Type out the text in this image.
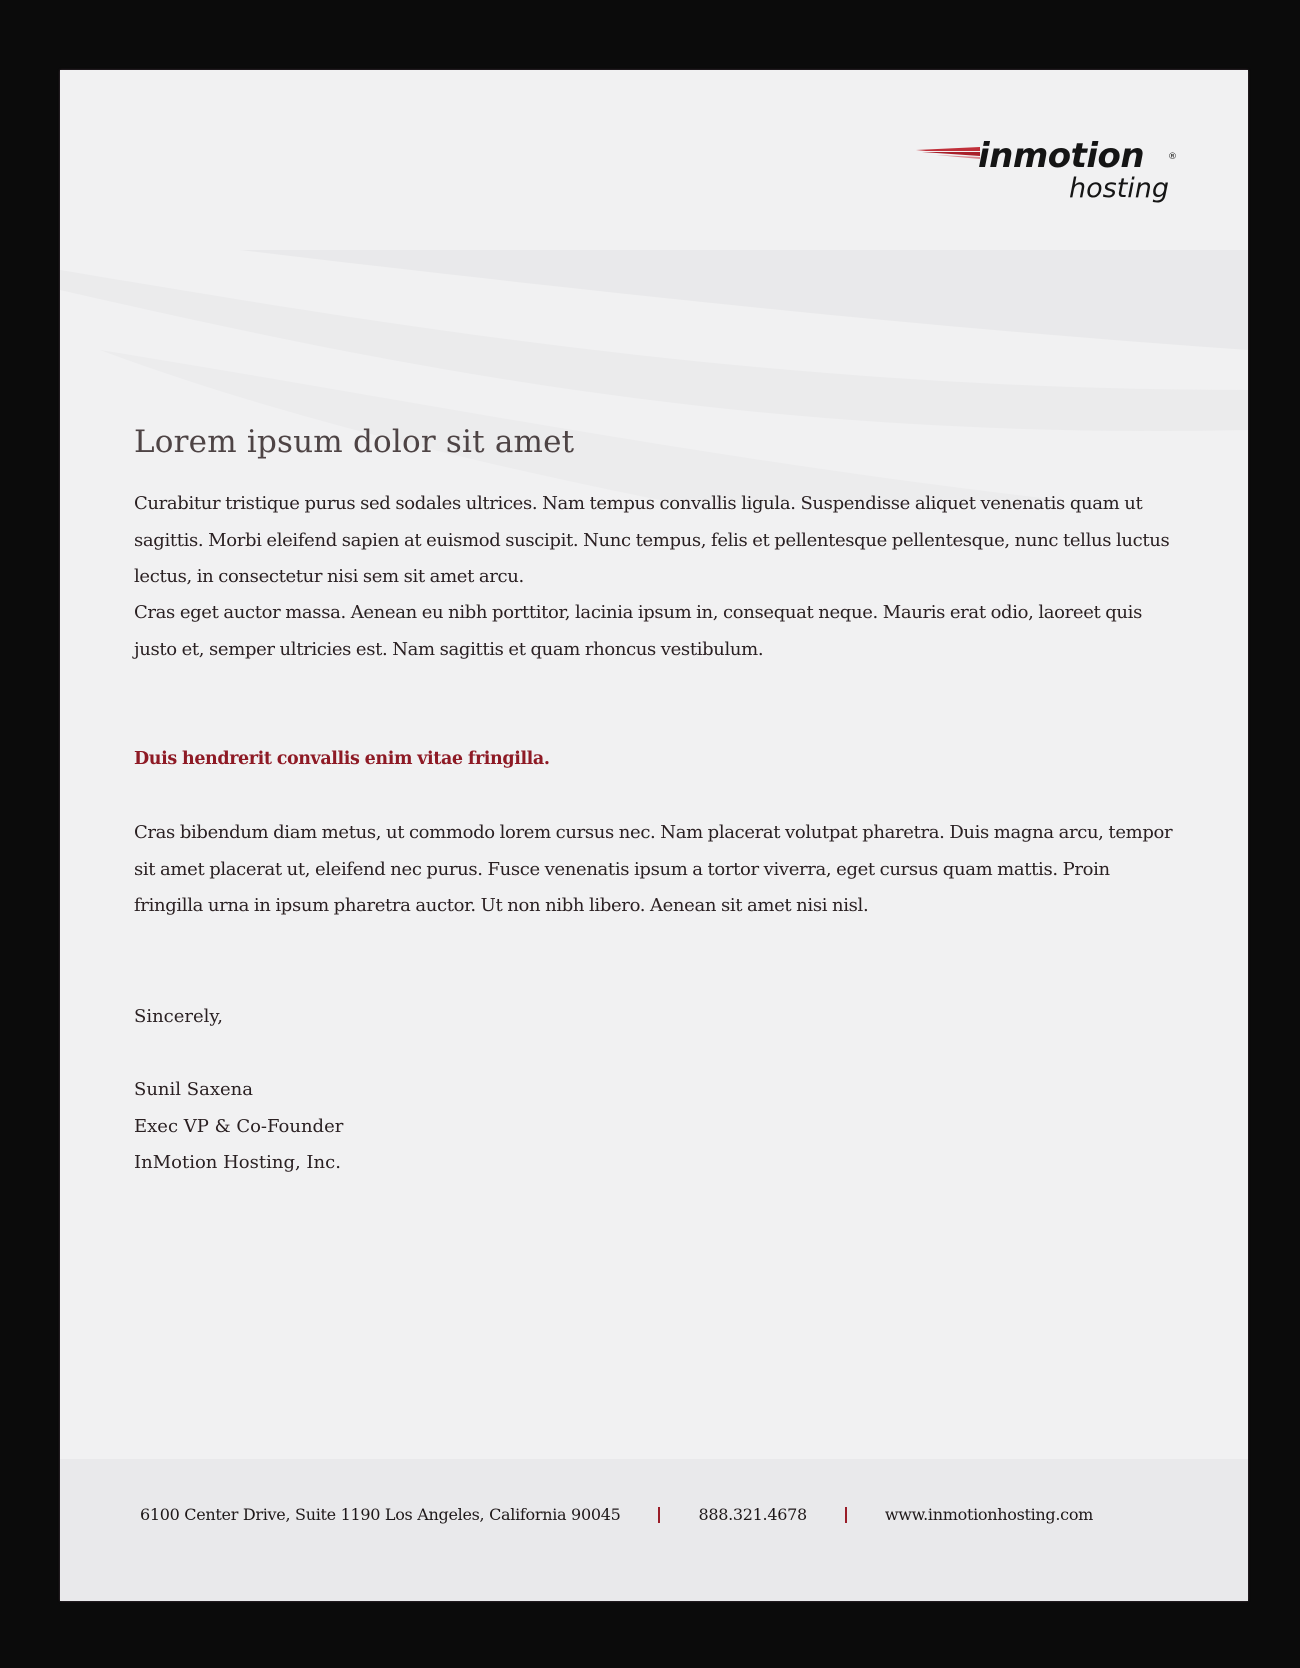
inmotion	®
hosting
Lorem ipsum dolor sit amet

Curabitur tristique purus sed sodales ultrices. Nam tempus convallis ligula. Suspendisse aliquet venenatis quam ut sagittis. Morbi eleifend sapien at euismod suscipit. Nunc tempus, felis et pellentesque pellentesque, nunc tellus luctus lectus, in consectetur nisi sem sit amet arcu.

Cras eget auctor massa. Aenean eu nibh porttitor, lacinia ipsum in, consequat neque. Mauris erat odio, laoreet quis justo et, semper ultricies est. Nam sagittis et quam rhoncus vestibulum.

Duis hendrerit convallis enim vitae fringilla.

Cras bibendum diam metus, ut commodo lorem cursus nec. Nam placerat volutpat pharetra. Duis magna arcu, tempor sit amet placerat ut, eleifend nec purus. Fusce venenatis ipsum a tortor viverra, eget cursus quam mattis. Proin fringilla urna in ipsum pharetra auctor. Ut non nibh libero. Aenean sit amet nisi nisl.

Sincerely,
Sunil Saxena
Exec VP & Co-Founder
InMotion Hosting, Inc.
6100 Center Drive, Suite 1190 Los Angeles, California 90045	888.321.4678	www.inmotionhosting.com
